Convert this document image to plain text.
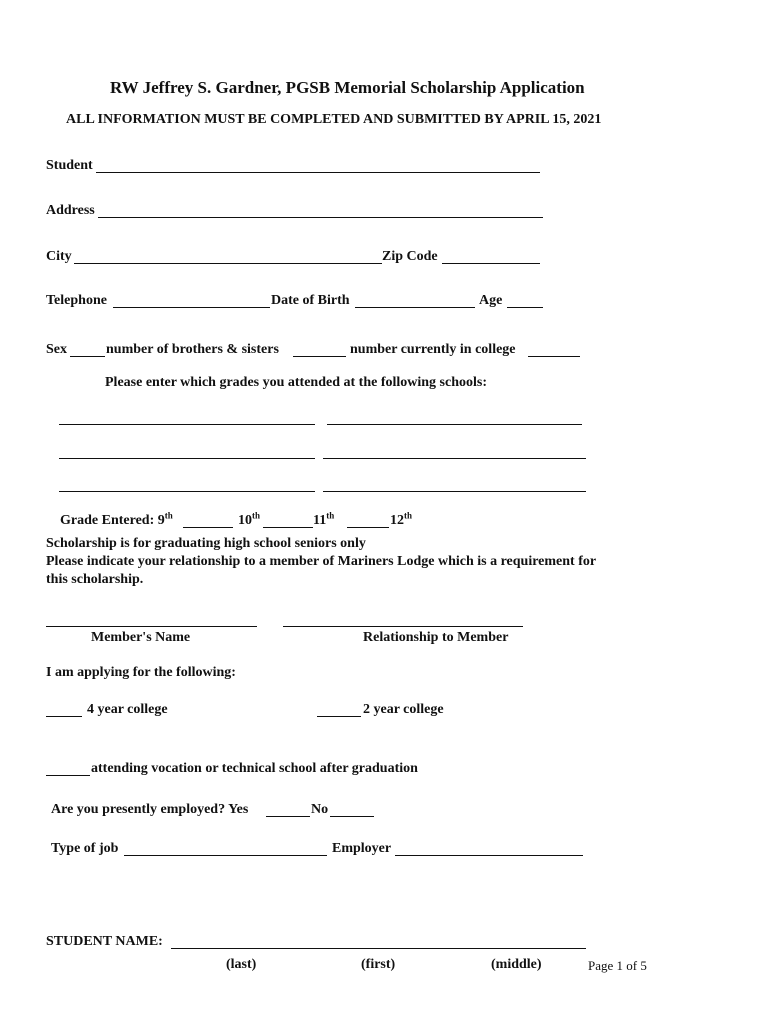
RW Jeffrey S. Gardner, PGSB Memorial Scholarship Application
ALL INFORMATION MUST BE COMPLETED AND SUBMITTED BY APRIL 15, 2021
Student
Address
City	Zip Code
Telephone	Date of Birth	Age
Sex	number of brothers & sisters	number currently in college
Please enter which grades you attended at the following schools:
Grade Entered: 9th	10th	11th	12th
Scholarship is for graduating high school seniors only
Please indicate your relationship to a member of Mariners Lodge which is a requirement for
this scholarship.
Member's Name	Relationship to Member
I am applying for the following:
4 year college	2 year college
attending vocation or technical school after graduation
Are you presently employed? Yes	No
Type of job	Employer
STUDENT NAME:
(last)	(first)	(middle)	Page 1 of 5
